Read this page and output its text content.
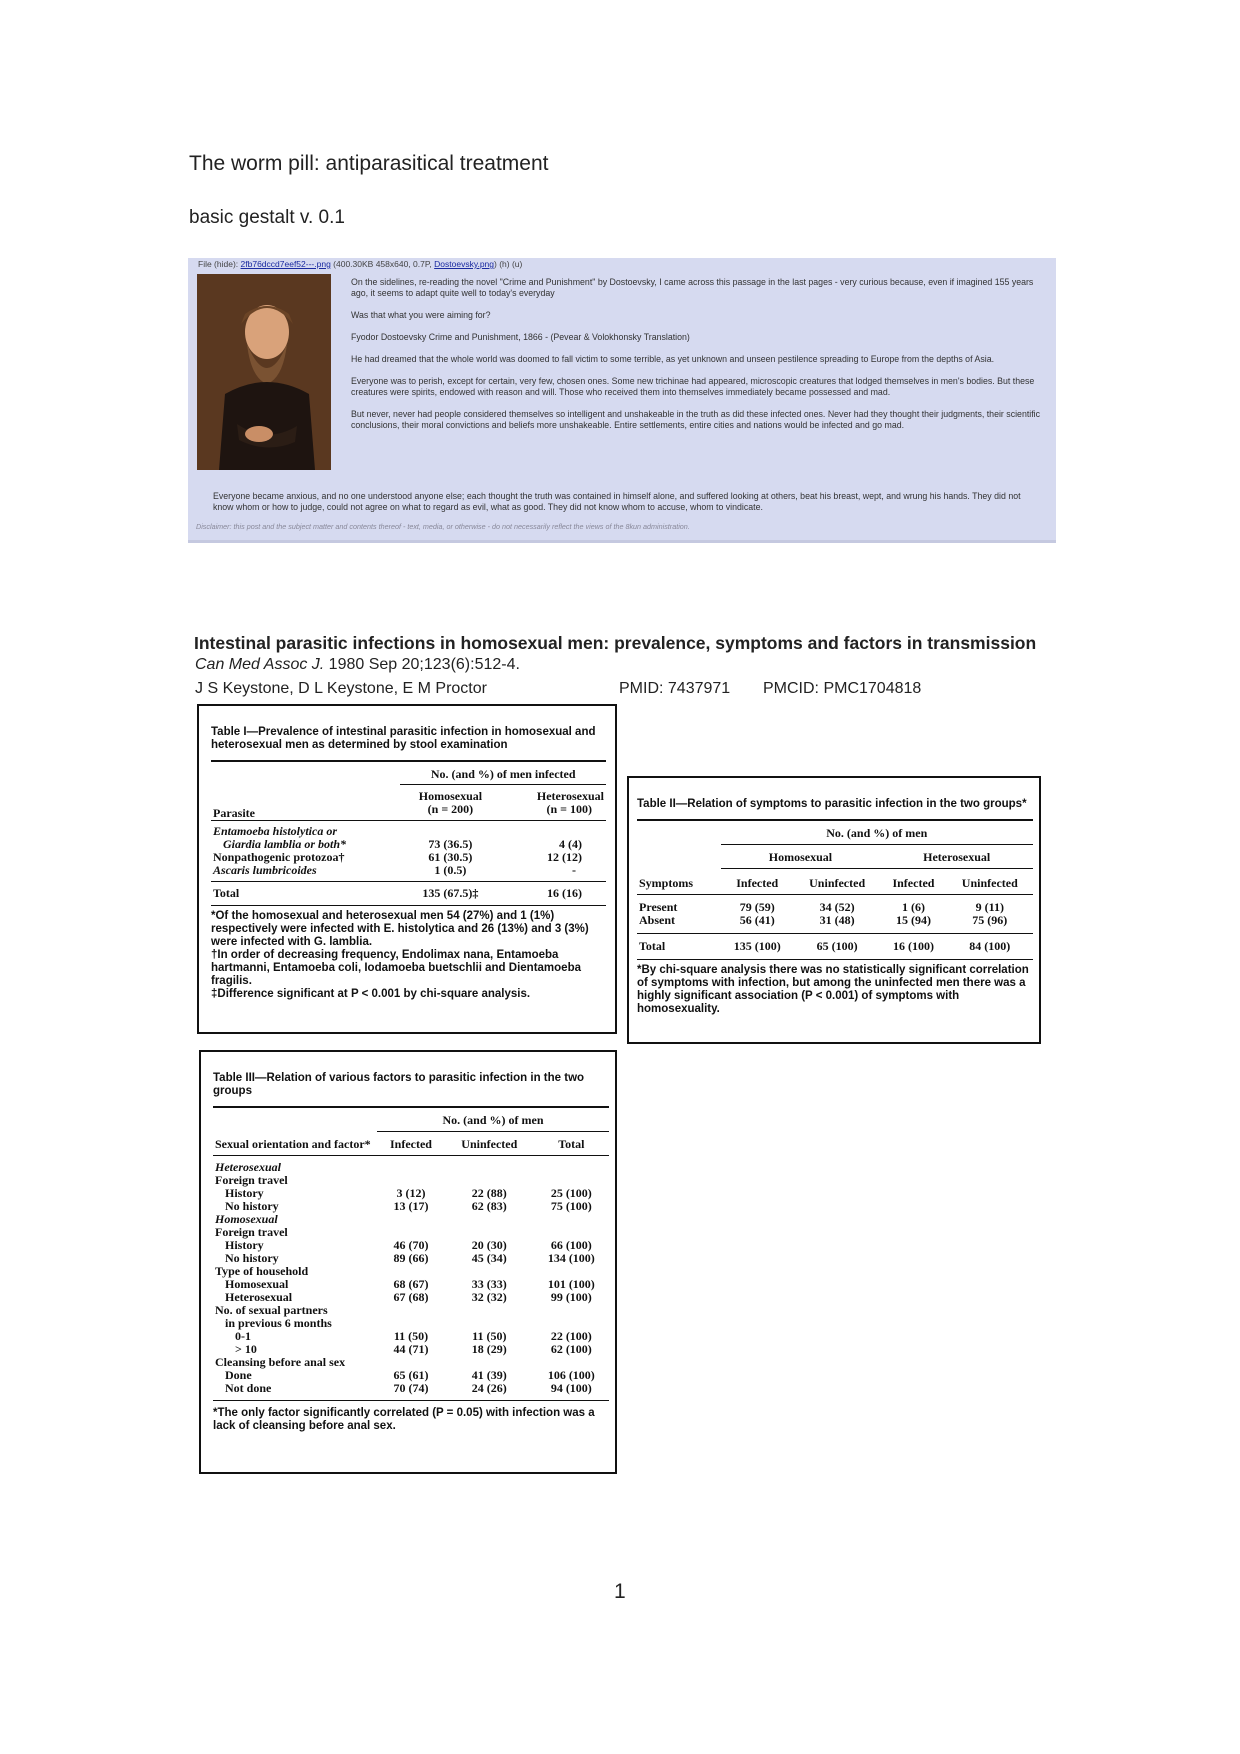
The worm pill: antiparasitical treatment
basic gestalt v. 0.1
File (hide): 2fb76dccd7eef52---.png (400.30KB 458x640, 0.7P, Dostoevsky.png) (h) (u)

On the sidelines, re-reading the novel "Crime and Punishment" by Dostoevsky, I came across this passage in the last pages - very curious because, even if imagined 155 years ago, it seems to adapt quite well to today's everyday

Was that what you were aiming for?

Fyodor Dostoevsky Crime and Punishment, 1866 - (Pevear & Volokhonsky Translation)

He had dreamed that the whole world was doomed to fall victim to some terrible, as yet unknown and unseen pestilence spreading to Europe from the depths of Asia.

Everyone was to perish, except for certain, very few, chosen ones. Some new trichinae had appeared, microscopic creatures that lodged themselves in men's bodies. But these creatures were spirits, endowed with reason and will. Those who received them into themselves immediately became possessed and mad.

But never, never had people considered themselves so intelligent and unshakeable in the truth as did these infected ones. Never had they thought their judgments, their scientific conclusions, their moral convictions and beliefs more unshakeable. Entire settlements, entire cities and nations would be infected and go mad.

Everyone became anxious, and no one understood anyone else; each thought the truth was contained in himself alone, and suffered looking at others, beat his breast, wept, and wrung his hands. They did not know whom or how to judge, could not agree on what to regard as evil, what as good. They did not know whom to accuse, whom to vindicate.
Disclaimer: this post and the subject matter and contents thereof - text, media, or otherwise - do not necessarily reflect the views of the 8kun administration.
Intestinal parasitic infections in homosexual men: prevalence, symptoms and factors in transmission
Can Med Assoc J. 1980 Sep 20;123(6):512-4.
J S Keystone, D L Keystone, E M Proctor	PMID: 7437971 PMCID: PMC1704818
Table I—Prevalence of intestinal parasitic infection in homosexual and heterosexual men as determined by stool examination
	No. (and %) of men infected	
Parasite	Homosexual	Heterosexual
	(n = 200)	(n = 100)
Entamoeba histolytica or		
Giardia lamblia or both*	73 (36.5)	4 (4)
Nonpathogenic protozoa†	61 (30.5)	12 (12)
Ascaris lumbricoides	1 (0.5)	-
Total	135 (67.5)‡	16 (16)
*Of the homosexual and heterosexual men 54 (27%) and 1 (1%) respectively were infected with E. histolytica and 26 (13%) and 3 (3%) were infected with G. lamblia.
†In order of decreasing frequency, Endolimax nana, Entamoeba hartmanni, Entamoeba coli, Iodamoeba buetschlii and Dientamoeba fragilis.
‡Difference significant at P < 0.001 by chi-square analysis.
Table II—Relation of symptoms to parasitic infection in the two groups*
	No. (and %) of men			
	Homosexual		Heterosexual	
Symptoms	Infected	Uninfected	Infected	Uninfected
Present	79 (59)	34 (52)	1 (6)	9 (11)
Absent	56 (41)	31 (48)	15 (94)	75 (96)
Total	135 (100)	65 (100)	16 (100)	84 (100)
*By chi-square analysis there was no statistically significant correlation of symptoms with infection, but among the uninfected men there was a highly significant association (P < 0.001) of symptoms with homosexuality.
Table III—Relation of various factors to parasitic infection in the two groups
Sexual orientation and factor*	No. (and %) of men		
	Infected	Uninfected	Total
Heterosexual			
Foreign travel			
History	3 (12)	22 (88)	25 (100)
No history	13 (17)	62 (83)	75 (100)
Homosexual			
Foreign travel			
History	46 (70)	20 (30)	66 (100)
No history	89 (66)	45 (34)	134 (100)
Type of household			
Homosexual	68 (67)	33 (33)	101 (100)
Heterosexual	67 (68)	32 (32)	99 (100)
No. of sexual partners			
in previous 6 months			
0-1	11 (50)	11 (50)	22 (100)
> 10	44 (71)	18 (29)	62 (100)
Cleansing before anal sex			
Done	65 (61)	41 (39)	106 (100)
Not done	70 (74)	24 (26)	94 (100)
*The only factor significantly correlated (P = 0.05) with infection was a lack of cleansing before anal sex.
1
